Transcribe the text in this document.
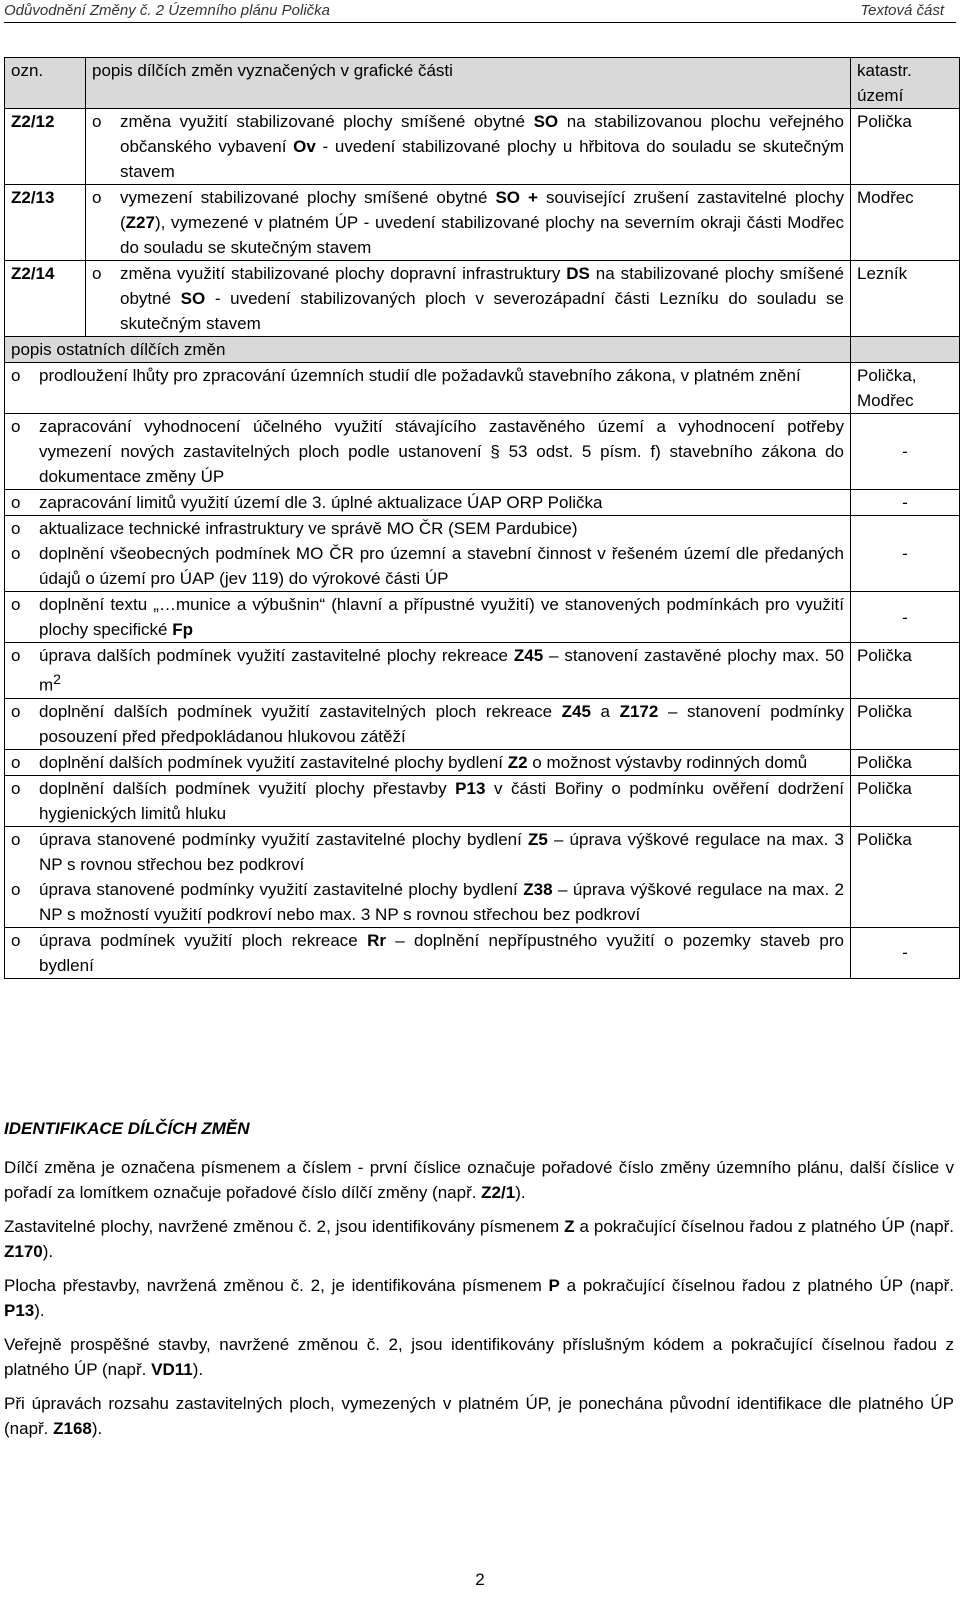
Odůvodnění Změny č. 2 Územního plánu Polička	Textová část
ozn.	popis dílčích změn vyznačených v grafické části	katastr. území
Z2/12	o změna využití stabilizované plochy smíšené obytné SO na stabilizovanou plochu veřejného občanského vybavení Ov - uvedení stabilizované plochy u hřbitova do souladu se skutečným stavem	Polička
Z2/13	o vymezení stabilizované plochy smíšené obytné SO + související zrušení zastavitelné plochy (Z27), vymezené v platném ÚP - uvedení stabilizované plochy na severním okraji části Modřec do souladu se skutečným stavem	Modřec
Z2/14	o změna využití stabilizované plochy dopravní infrastruktury DS na stabilizované plochy smíšené obytné SO - uvedení stabilizovaných ploch v severozápadní části Lezníku do souladu se skutečným stavem	Lezník
popis ostatních dílčích změn		

o prodloužení lhůty pro zpracování územních studií dle požadavků stavebního zákona, v platném znění		Polička, Modřec

o zapracování vyhodnocení účelného využití stávajícího zastavěného území a vyhodnocení potřeby vymezení nových zastavitelných ploch podle ustanovení § 53 odst. 5 písm. f) stavebního zákona do dokumentace změny ÚP		-

o zapracování limitů využití území dle 3. úplné aktualizace ÚAP ORP Polička		-

o aktualizace technické infrastruktury ve správě MO ČR (SEM Pardubice)
o doplnění všeobecných podmínek MO ČR pro územní a stavební činnost v řešeném území dle předaných údajů o území pro ÚAP (jev 119) do výrokové části ÚP		-

o doplnění textu „…munice a výbušnin“ (hlavní a přípustné využití) ve stanovených podmínkách pro využití plochy specifické Fp		-

o úprava dalších podmínek využití zastavitelné plochy rekreace Z45 – stanovení zastavěné plochy max. 50 $m^2$		Polička

o doplnění dalších podmínek využití zastavitelných ploch rekreace Z45 a Z172 – stanovení podmínky posouzení před předpokládanou hlukovou zátěží		Polička

o doplnění dalších podmínek využití zastavitelné plochy bydlení Z2 o možnost výstavby rodinných domů		Polička

o doplnění dalších podmínek využití plochy přestavby P13 v části Bořiny o podmínku ověření dodržení hygienických limitů hluku		Polička

o úprava stanovené podmínky využití zastavitelné plochy bydlení Z5 – úprava výškové regulace na max. 3 NP s rovnou střechou bez podkroví
o úprava stanovené podmínky využití zastavitelné plochy bydlení Z38 – úprava výškové regulace na max. 2 NP s možností využití podkroví nebo max. 3 NP s rovnou střechou bez podkroví		Polička

o úprava podmínek využití ploch rekreace Rr – doplnění nepřípustného využití o pozemky staveb pro bydlení		-
IDENTIFIKACE DÍLČÍCH ZMĚN

Dílčí změna je označena písmenem a číslem - první číslice označuje pořadové číslo změny územního plánu, další číslice v pořadí za lomítkem označuje pořadové číslo dílčí změny (např. Z2/1).

Zastavitelné plochy, navržené změnou č. 2, jsou identifikovány písmenem Z a pokračující číselnou řadou z platného ÚP (např. Z170).

Plocha přestavby, navržená změnou č. 2, je identifikována písmenem P a pokračující číselnou řadou z platného ÚP (např. P13).

Veřejně prospěšné stavby, navržené změnou č. 2, jsou identifikovány příslušným kódem a pokračující číselnou řadou z platného ÚP (např. VD11).

Při úpravách rozsahu zastavitelných ploch, vymezených v platném ÚP, je ponechána původní identifikace dle platného ÚP (např. Z168).

2
